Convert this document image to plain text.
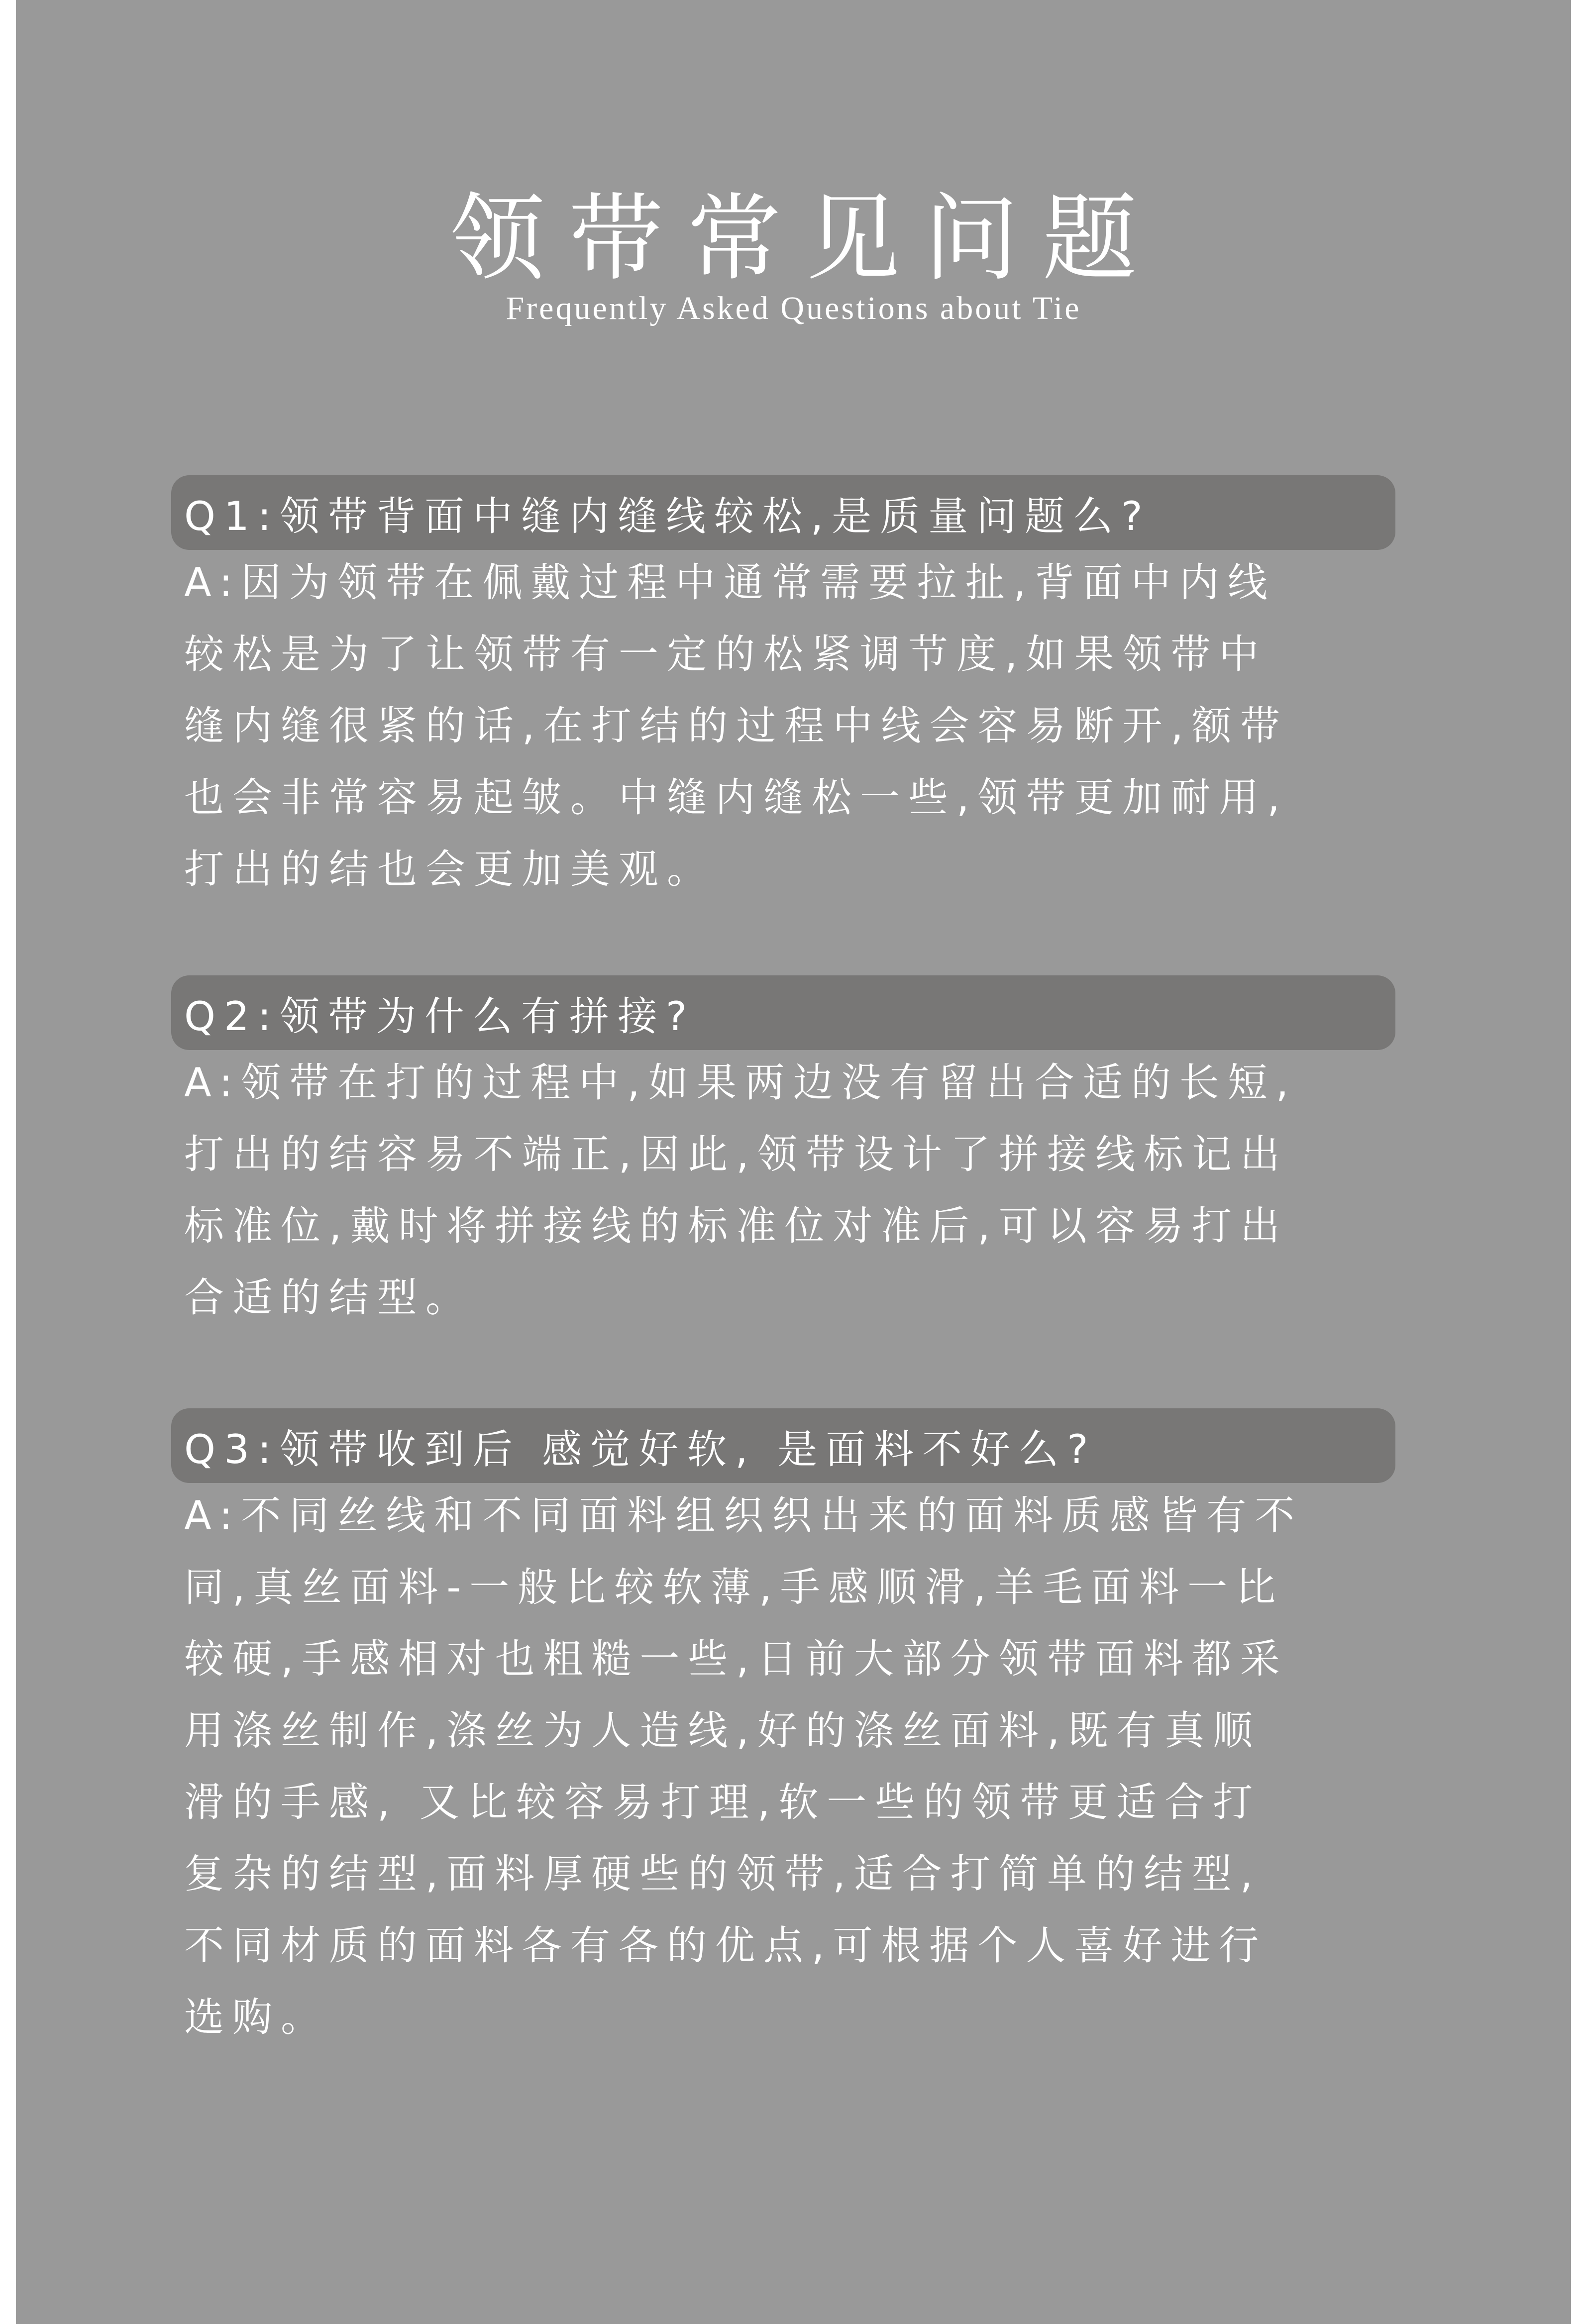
领带常见问题
Frequently Asked Questions about Tie
Q1:领带背面中缝内缝线较松,是质量问题么?

A:因为领带在佩戴过程中通常需要拉扯,背面中内线
较松是为了让领带有一定的松紧调节度,如果领带中
缝内缝很紧的话,在打结的过程中线会容易断开,额带
也会非常容易起皱。中缝内缝松一些,领带更加耐用,
打出的结也会更加美观。

Q2:领带为什么有拼接?

A:领带在打的过程中,如果两边没有留出合适的长短,
打出的结容易不端正,因此,领带设计了拼接线标记出
标准位,戴时将拼接线的标准位对准后,可以容易打出
合适的结型。

Q3:领带收到后 感觉好软, 是面料不好么?

A:不同丝线和不同面料组织织出来的面料质感皆有不
同,真丝面料-一般比较软薄,手感顺滑,羊毛面料一比
较硬,手感相对也粗糙一些,日前大部分领带面料都采
用涤丝制作,涤丝为人造线,好的涤丝面料,既有真顺
滑的手感, 又比较容易打理,软一些的领带更适合打
复杂的结型,面料厚硬些的领带,适合打简单的结型,
不同材质的面料各有各的优点,可根据个人喜好进行
选购。
